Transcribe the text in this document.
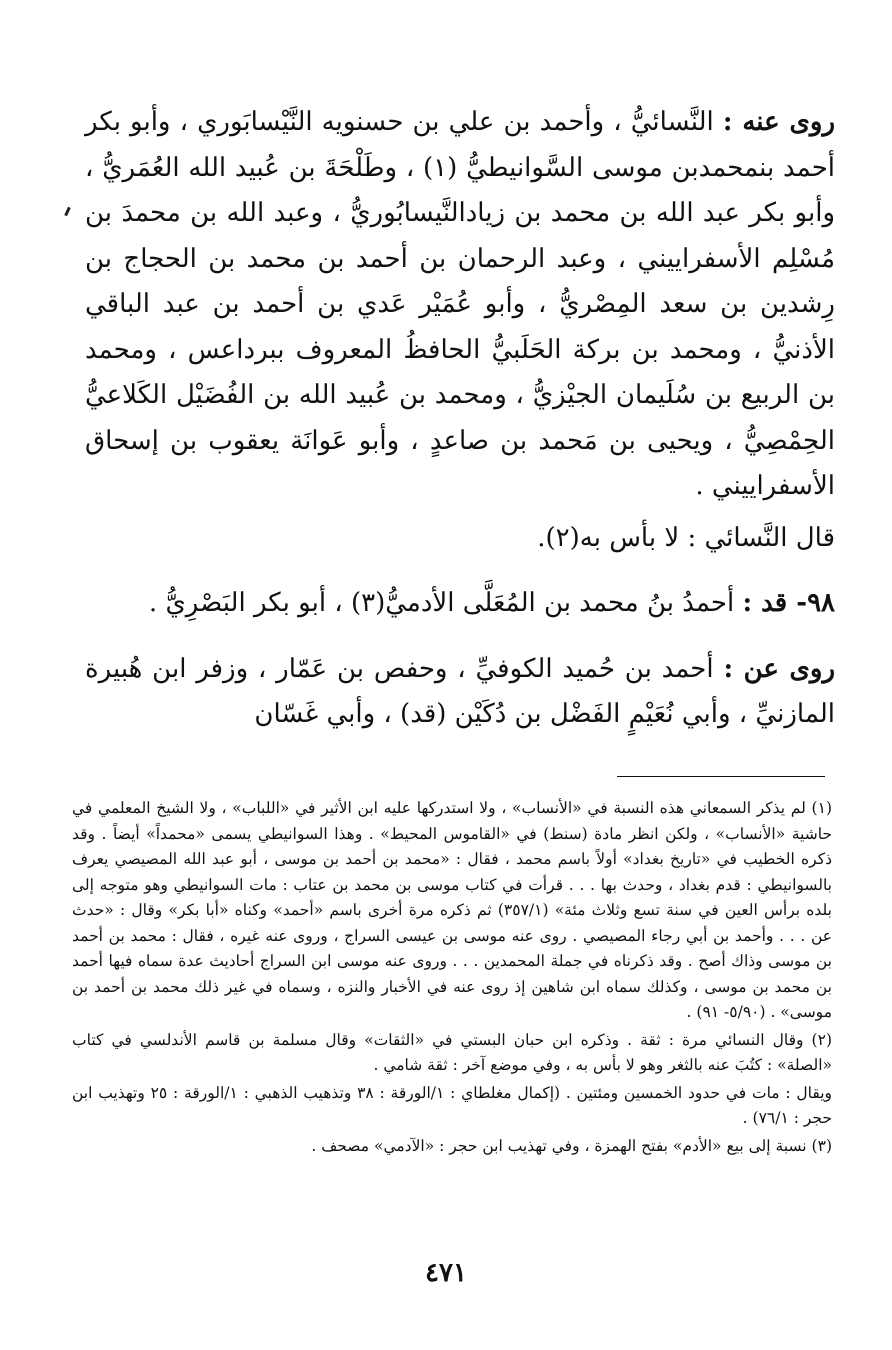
روى عنه : النَّسائيُّ ، وأحمد بن علي بن حسنويه النَّيْسابَوري ، وأبو بكر أحمد بنمحمدبن موسى السَّوانيطيُّ (١) ، وطَلْحَةَ بن عُبيد الله العُمَريُّ ، وأبو بكر عبد الله بن محمد بن زيادالنَّيسابُوريُّ ، وعبد الله بن محمدَ بن مُسْلِم الأسفراييني ، وعبد الرحمان بن أحمد بن محمد بن الحجاج بن رِشدين بن سعد المِصْريُّ ، وأبو عُمَيْر عَدي بن أحمد بن عبد الباقي الأذنيُّ ، ومحمد بن بركة الحَلَبيُّ الحافظُ المعروف ببرداعس ، ومحمد بن الربيع بن سُلَيمان الجيْزيُّ ، ومحمد بن عُبيد الله بن الفُضَيْل الكَلاعيُّ الحِمْصِيُّ ، ويحيى بن مَحمد بن صاعدٍ ، وأبو عَوانَة يعقوب بن إسحاق الأسفراييني .

قال النَّسائي : لا بأس به(٢).

٩٨- قد : أحمدُ بنُ محمد بن المُعَلَّى الأدميُّ(٣) ، أبو بكر البَصْرِيُّ .

روى عن : أحمد بن حُميد الكوفيِّ ، وحفص بن عَمّار ، وزفر ابن هُبيرة المازنيِّ ، وأبي نُعَيْمٍ الفَضْل بن دُكَيْن (قد) ، وأبي غَسّان

(١) لم يذكر السمعاني هذه النسبة في «الأنساب» ، ولا استدركها عليه ابن الأثير في «اللباب» ، ولا الشيخ المعلمي في حاشية «الأنساب» ، ولكن انظر مادة (سنط) في «القاموس المحيط» . وهذا السوانيطي يسمى «محمداً» أيضاً . وقد ذكره الخطيب في «تاريخ بغداد» أولاً باسم محمد ، فقال : «محمد بن أحمد بن موسى ، أبو عبد الله المصيصي يعرف بالسوانيطي : قدم بغداد ، وحدث بها . . . قرأت في كتاب موسى بن محمد بن عتاب : مات السوانيطي وهو متوجه إلى بلده برأس العين في سنة تسع وثلاث مئة» (٣٥٧/١) ثم ذكره مرة أخرى باسم «أحمد» وكناه «أبا بكر» وقال : «حدث عن . . . وأحمد بن أبي رجاء المصيصي . روى عنه موسى بن عيسى السراج ، وروى عنه غيره ، فقال : محمد بن أحمد بن موسى وذاك أصح . وقد ذكرناه في جملة المحمدين . . . وروى عنه موسى ابن السراج أحاديث عدة سماه فيها أحمد بن محمد بن موسى ، وكذلك سماه ابن شاهين إذ روى عنه في الأخبار والنزه ، وسماه في غير ذلك محمد بن أحمد بن موسى» . (٥/٩٠- ٩١) .

(٢) وقال النسائي مرة : ثقة . وذكره ابن حبان البستي في «الثقات» وقال مسلمة بن قاسم الأندلسي في كتاب «الصلة» : كتُبَ عنه بالثغر وهو لا بأس به ، وفي موضع آخر : ثقة شامي .

ويقال : مات في حدود الخمسين ومئتين . (إكمال مغلطاي : ١/الورقة : ٣٨ وتذهيب الذهبي : ١/الورقة : ٢٥ وتهذيب ابن حجر : ٧٦/١) .

(٣) نسبة إلى بيع «الأدم» بفتح الهمزة ، وفي تهذيب ابن حجر : «الآدمي» مصحف .

٤٧١
